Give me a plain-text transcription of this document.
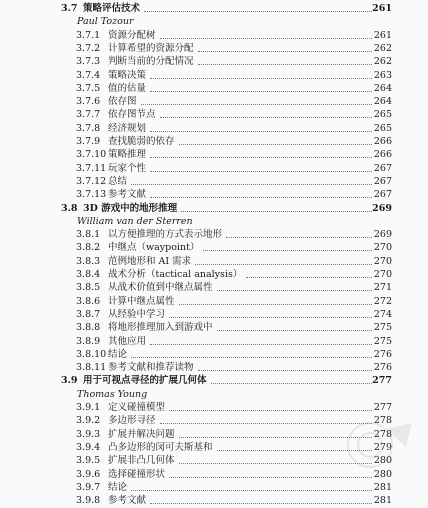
3.7 策略评估技术	261
Paul Tozour
3.7.1 资源分配树	261
3.7.2 计算希望的资源分配	262
3.7.3 判断当前的分配情况	262
3.7.4 策略决策	263
3.7.5 值的估量	264
3.7.6 依存图	264
3.7.7 依存图节点	265
3.7.8 经济规划	265
3.7.9 查找脆弱的依存	266
3.7.10 策略推理	266
3.7.11 玩家个性	267
3.7.12 总结	267
3.7.13 参考文献	267
3.8 3D 游戏中的地形推理	269
William van der Sterren
3.8.1 以方便推理的方式表示地形	269
3.8.2 中继点（waypoint）	270
3.8.3 范例地形和 AI 需求	270
3.8.4 战术分析（tactical analysis）	270
3.8.5 从战术价值到中继点属性	271
3.8.6 计算中继点属性	272
3.8.7 从经验中学习	274
3.8.8 将地形推理加入到游戏中	275
3.8.9 其他应用	275
3.8.10 结论	276
3.8.11 参考文献和推荐读物	276
3.9 用于可视点寻径的扩展几何体	277
Thomas Young
3.9.1 定义碰撞模型	277
3.9.2 多边形寻径	278
3.9.3 扩展并解决问题	278
3.9.4 凸多边形的闵可夫斯基和	279
3.9.5 扩展非凸几何体	280
3.9.6 选择碰撞形状	280
3.9.7 结论	281
3.9.8 参考文献	281
